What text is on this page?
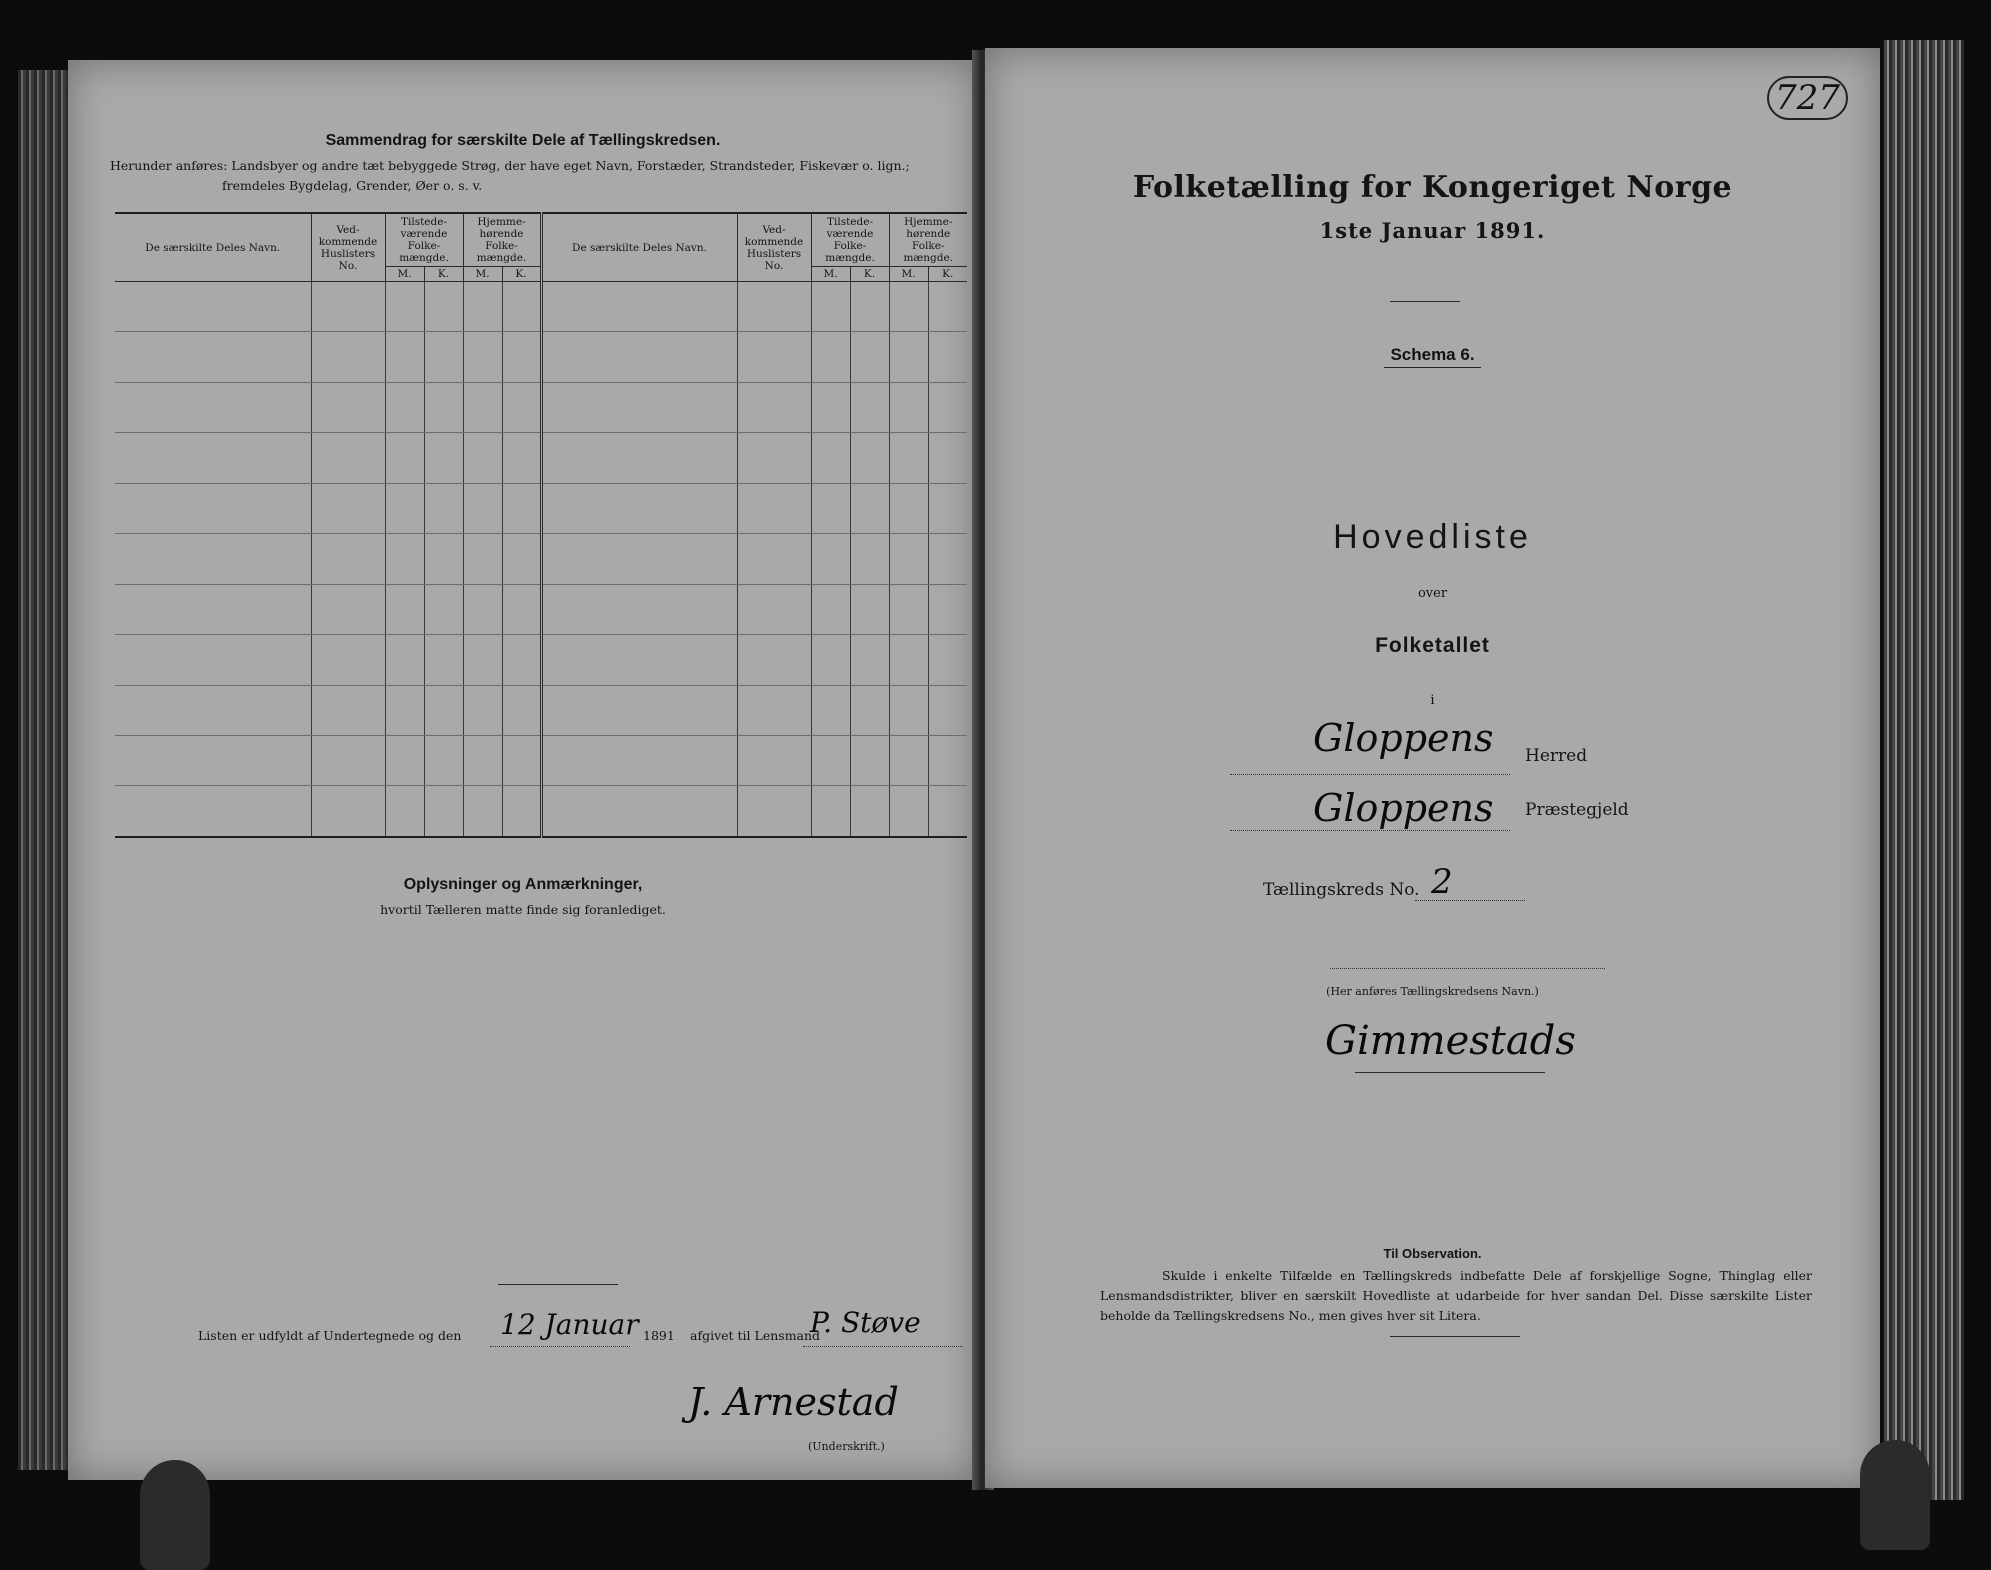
Sammendrag for særskilte Dele af Tællingskredsen.
Herunder anføres: Landsbyer og andre tæt bebyggede Strøg, der have eget Navn, Forstæder, Strandsteder, Fiskevær o. lign.;
fremdeles Bygdelag, Grender, Øer o. s. v.
De særskilte Deles Navn.	Ved-
kommende
Huslisters
No.	Tilstede-
værende
Folke-
mængde.		Hjemme-
hørende
Folke-
mængde.		De særskilte Deles Navn.	Ved-
kommende
Huslisters
No.	Tilstede-
værende
Folke-
mængde.		Hjemme-
hørende
Folke-
mængde.	
		M.	K.	M.	K.			M.	K.	M.	K.

Oplysninger og Anmærkninger,
hvortil Tælleren matte finde sig foranlediget.
Listen er udfyldt af Undertegnede og den 12 Januar 1891 afgivet til Lensmand
P. Støve
J. Arnestad
(Underskrift.)
727
Folketælling for Kongeriget Norge
1ste Januar 1891.
Schema 6.
Hovedliste
over
Folketallet
i
Gloppens Herred
Gloppens Præstegjeld
Tællingskreds No. 2
(Her anføres Tællingskredsens Navn.)
Gimmestads
Til Observation.
Skulde i enkelte Tilfælde en Tællingskreds indbefatte Dele af forskjellige Sogne, Thinglag eller Lensmandsdistrikter, bliver en særskilt Hovedliste at udarbeide for hver sandan Del. Disse særskilte Lister beholde da Tællingskredsens No., men gives hver sit Litera.
